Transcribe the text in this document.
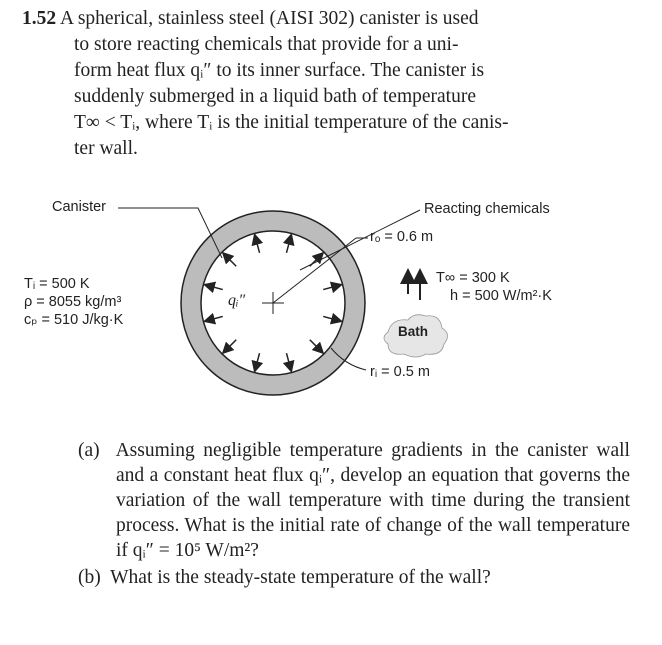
1.52 A spherical, stainless steel (AISI 302) canister is used
to store reacting chemicals that provide for a uni-
form heat flux qᵢ″ to its inner surface. The canister is
suddenly submerged in a liquid bath of temperature
T∞ < Tᵢ, where Tᵢ is the initial temperature of the canis-
ter wall.
Canister	Reacting chemicals
rₒ = 0.6 m
Tᵢ = 500 K
ρ = 8055 kg/m³
cₚ = 510 J/kg·K
T∞ = 300 K
h = 500 W/m²·K
Bath
qᵢ″
rᵢ = 0.5 m
(a) Assuming negligible temperature gradients in the canister wall and a constant heat flux qᵢ″, develop an equation that governs the variation of the wall temperature with time during the transient process. What is the initial rate of change of the wall temperature if qᵢ″ = 10⁵ W/m²?
(b) What is the steady-state temperature of the wall?
